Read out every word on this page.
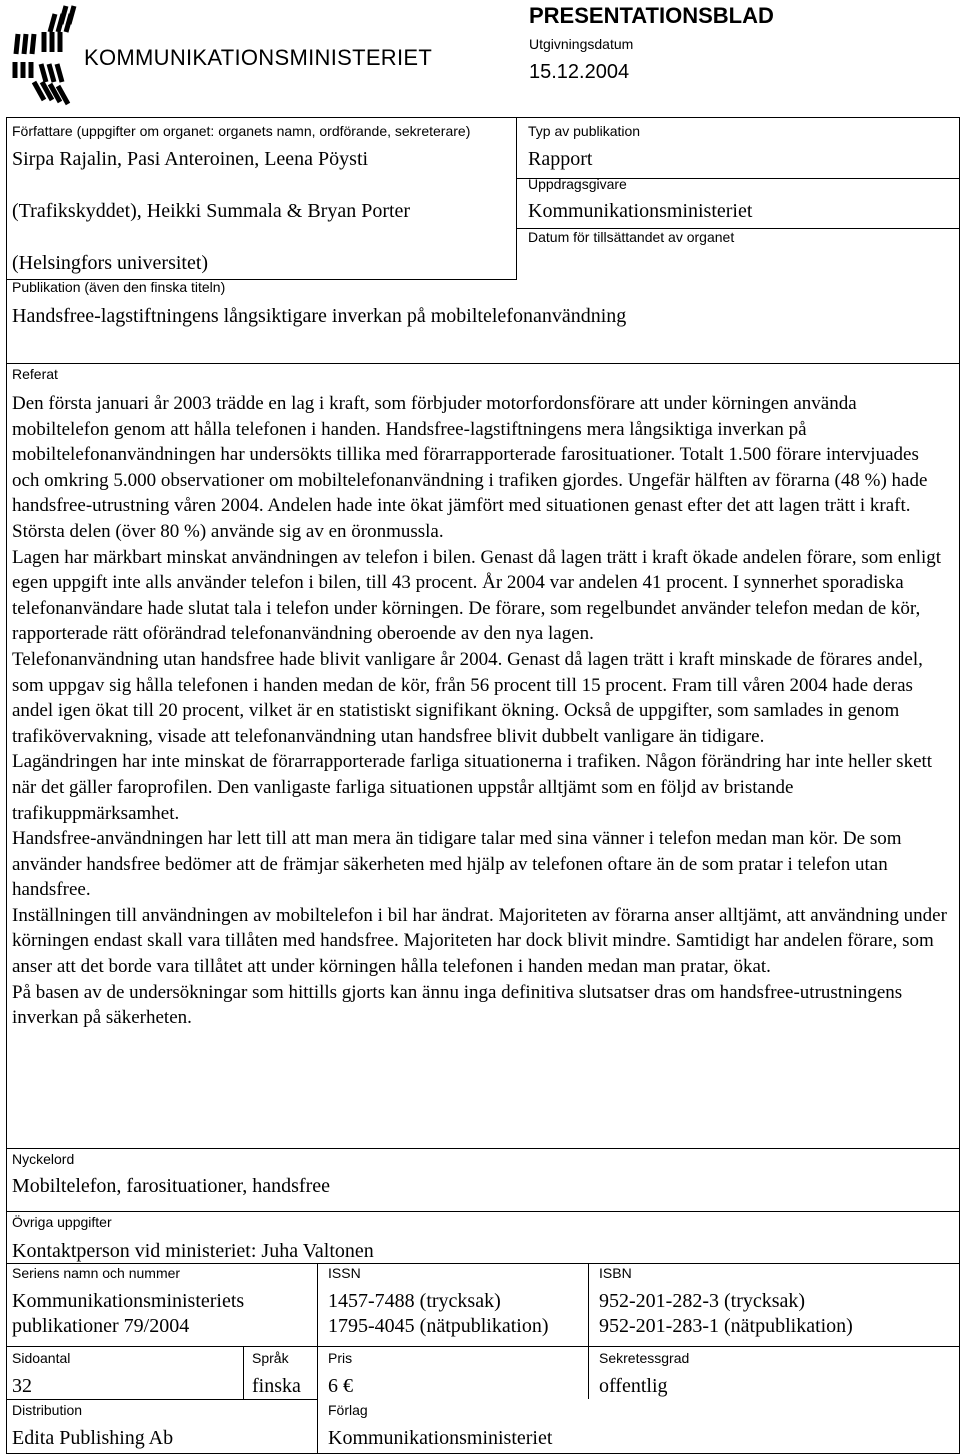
KOMMUNIKATIONSMINISTERIET
PRESENTATIONSBLAD
Utgivningsdatum
15.12.2004
Författare (uppgifter om organet: organets namn, ordförande, sekreterare)
Sirpa Rajalin, Pasi Anteroinen, Leena Pöysti
(Trafikskyddet), Heikki Summala & Bryan Porter
(Helsingfors universitet)
Typ av publikation
Rapport
Uppdragsgivare
Kommunikationsministeriet
Datum för tillsättandet av organet
Publikation (även den finska titeln)
Handsfree-lagstiftningens långsiktigare inverkan på mobiltelefonanvändning
Referat

Den första januari år 2003 trädde en lag i kraft, som förbjuder motorfordonsförare att under körningen använda mobiltelefon genom att hålla telefonen i handen. Handsfree-lagstiftningens mera långsiktiga inverkan på mobiltelefonanvändningen har undersökts tillika med förarrapporterade farosituationer. Totalt 1.500 förare intervjuades och omkring 5.000 observationer om mobiltelefonanvändning i trafiken gjordes. Ungefär hälften av förarna (48 %) hade handsfree-utrustning våren 2004. Andelen hade inte ökat jämfört med situationen genast efter det att lagen trätt i kraft. Största delen (över 80 %) använde sig av en öronmussla.

Lagen har märkbart minskat användningen av telefon i bilen. Genast då lagen trätt i kraft ökade andelen förare, som enligt egen uppgift inte alls använder telefon i bilen, till 43 procent. År 2004 var andelen 41 procent. I synnerhet sporadiska telefonanvändare hade slutat tala i telefon under körningen. De förare, som regelbundet använder telefon medan de kör, rapporterade rätt oförändrad telefonanvändning oberoende av den nya lagen.

Telefonanvändning utan handsfree hade blivit vanligare år 2004. Genast då lagen trätt i kraft minskade de förares andel, som uppgav sig hålla telefonen i handen medan de kör, från 56 procent till 15 procent. Fram till våren 2004 hade deras andel igen ökat till 20 procent, vilket är en statistiskt signifikant ökning. Också de uppgifter, som samlades in genom trafikövervakning, visade att telefonanvändning utan handsfree blivit dubbelt vanligare än tidigare.

Lagändringen har inte minskat de förarrapporterade farliga situationerna i trafiken. Någon förändring har inte heller skett när det gäller faroprofilen. Den vanligaste farliga situationen uppstår alltjämt som en följd av bristande trafikuppmärksamhet.

Handsfree-användningen har lett till att man mera än tidigare talar med sina vänner i telefon medan man kör. De som använder handsfree bedömer att de främjar säkerheten med hjälp av telefonen oftare än de som pratar i telefon utan handsfree.

Inställningen till användningen av mobiltelefon i bil har ändrat. Majoriteten av förarna anser alltjämt, att användning under körningen endast skall vara tillåten med handsfree. Majoriteten har dock blivit mindre. Samtidigt har andelen förare, som anser att det borde vara tillåtet att under körningen hålla telefonen i handen medan man pratar, ökat.

På basen av de undersökningar som hittills gjorts kan ännu inga definitiva slutsatser dras om handsfree-utrustningens inverkan på säkerheten.

Nyckelord
Mobiltelefon, farosituationer, handsfree
Övriga uppgifter
Kontaktperson vid ministeriet: Juha Valtonen
Seriens namn och nummer
Kommunikationsministeriets
publikationer 79/2004
ISSN
1457-7488 (trycksak)
1795-4045 (nätpublikation)
ISBN
952-201-282-3 (trycksak)
952-201-283-1 (nätpublikation)
Sidoantal
32
Språk
finska
Pris
6 €
Sekretessgrad
offentlig
Distribution
Edita Publishing Ab
Förlag
Kommunikationsministeriet
